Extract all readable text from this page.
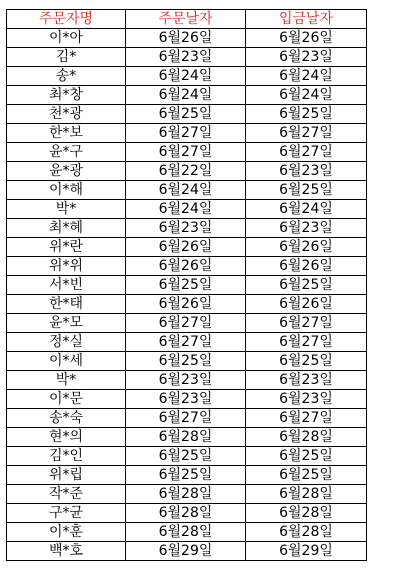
주문자명	주문날자	입금날자
이*아	6월26일	6월26일
김*	6월23일	6월23일
송*	6월24일	6월24일
최*창	6월24일	6월24일
천*광	6월25일	6월25일
한*보	6월27일	6월27일
윤*구	6월27일	6월27일
윤*광	6월22일	6월23일
이*해	6월24일	6월25일
박*	6월24일	6월24일
최*혜	6월23일	6월23일
위*란	6월26일	6월26일
위*위	6월26일	6월26일
서*빈	6월25일	6월25일
한*태	6월26일	6월26일
윤*모	6월27일	6월27일
정*실	6월27일	6월27일
이*세	6월25일	6월25일
박*	6월23일	6월23일
이*문	6월23일	6월23일
송*숙	6월27일	6월27일
현*의	6월28일	6월28일
김*인	6월25일	6월25일
위*립	6월25일	6월25일
작*준	6월28일	6월28일
구*균	6월28일	6월28일
이*훈	6월28일	6월28일
백*호	6월29일	6월29일
